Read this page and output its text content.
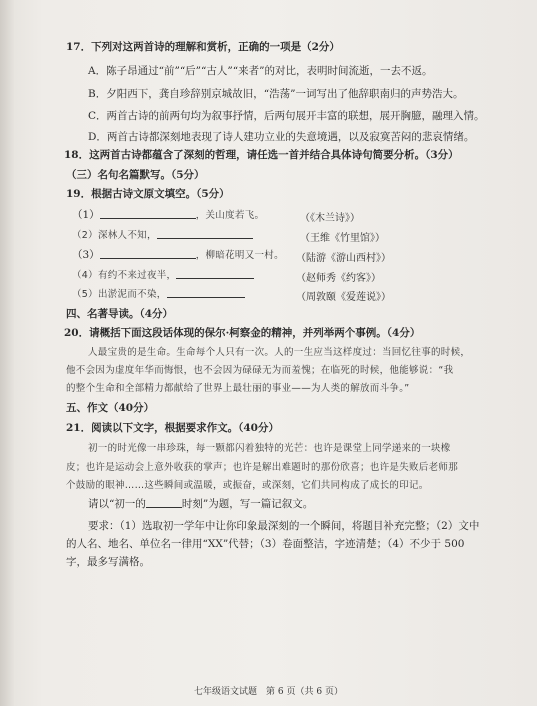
17．下列对这两首诗的理解和赏析，正确的一项是（2分）
A．陈子昂通过“前”“后”“古人”“来者”的对比，表明时间流逝，一去不返。
B．夕阳西下，龚自珍辞别京城故旧，“浩荡”一词写出了他辞职南归的声势浩大。
C．两首古诗的前两句均为叙事抒情，后两句展开丰富的联想，展开胸臆，融理入情。
D．两首古诗都深刻地表现了诗人建功立业的失意境遇，以及寂寞苦闷的悲哀情绪。
18．这两首古诗都蕴含了深刻的哲理，请任选一首并结合具体诗句简要分析。（3分）
（三）名句名篇默写。（5分）
19．根据古诗文原文填空。（5分）
（1）	，关山度若飞。	（《木兰诗》）
（2）深林人不知，	（王维《竹里馆》）
（3）	，柳暗花明又一村。 （陆游《游山西村》）
（4）有约不来过夜半，	（赵师秀《约客》）
（5）出淤泥而不染，	（周敦颐《爱莲说》）
四、名著导读。（4分）
20．请概括下面这段话体现的保尔·柯察金的精神，并列举两个事例。（4分）
人最宝贵的是生命。生命每个人只有一次。人的一生应当这样度过：当回忆往事的时候，
他不会因为虚度年华而悔恨，也不会因为碌碌无为而羞愧；在临死的时候，他能够说：“我
的整个生命和全部精力都献给了世界上最壮丽的事业——为人类的解放而斗争。”
五、作文（40分）
21．阅读以下文字，根据要求作文。（40分）
初一的时光像一串珍珠，每一颗都闪着独特的光芒：也许是课堂上同学递来的一块橡
皮；也许是运动会上意外收获的掌声；也许是解出难题时的那份欣喜；也许是失败后老师那
个鼓励的眼神……这些瞬间或温暖，或振奋，或深刻，它们共同构成了成长的印记。
请以“初一的	时刻”为题，写一篇记叙文。
要求：（1）选取初一学年中让你印象最深刻的一个瞬间，将题目补充完整；（2）文中
的人名、地名、单位名一律用“XX”代替；（3）卷面整洁，字迹清楚；（4）不少于 500
字，最多写满格。
七年级语文试题　第 6 页（共 6 页）
